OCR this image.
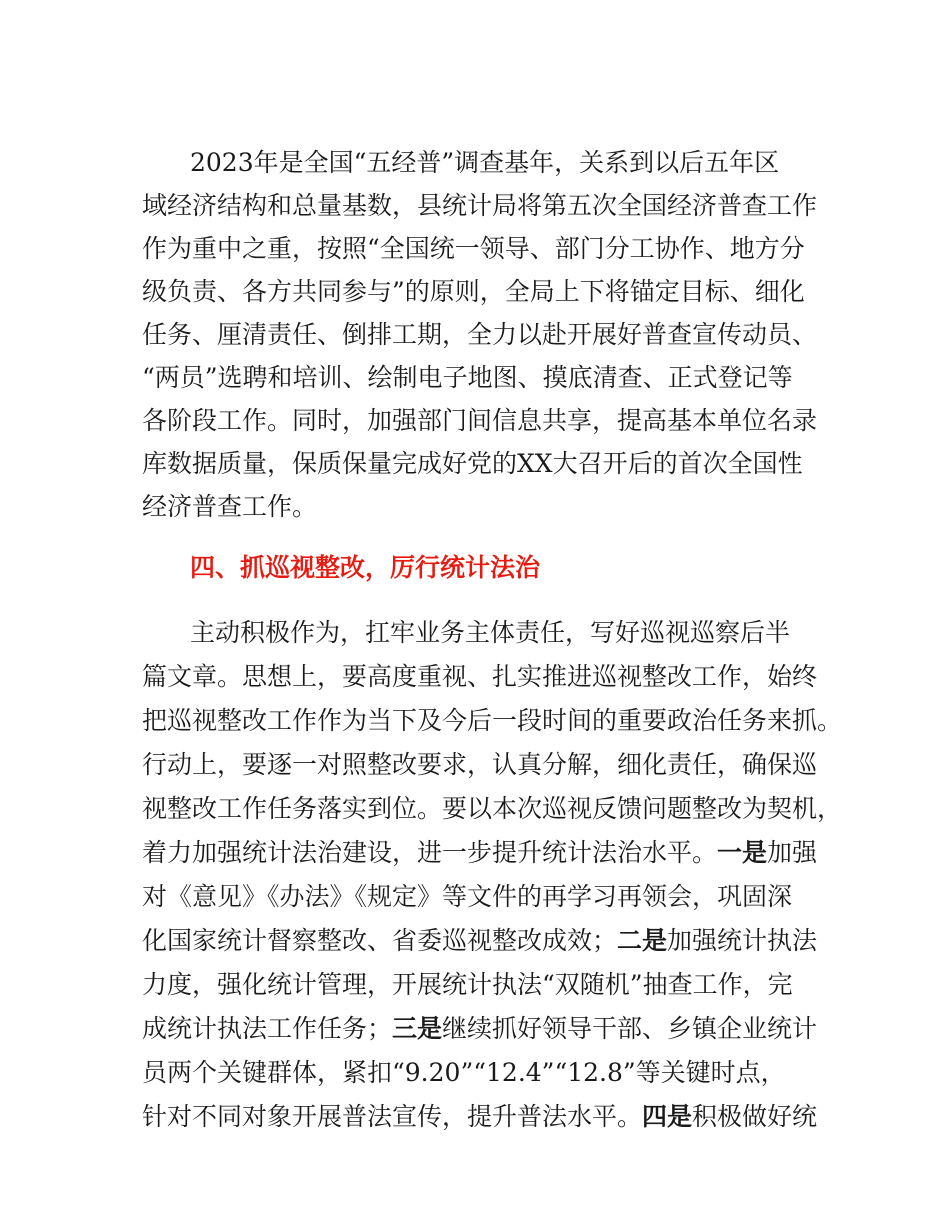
2023年是全国“五经普”调查基年，关系到以后五年区
域经济结构和总量基数，县统计局将第五次全国经济普查工作
作为重中之重，按照“全国统一领导、部门分工协作、地方分
级负责、各方共同参与”的原则，全局上下将锚定目标、细化
任务、厘清责任、倒排工期，全力以赴开展好普查宣传动员、
“两员”选聘和培训、绘制电子地图、摸底清查、正式登记等
各阶段工作。同时，加强部门间信息共享，提高基本单位名录
库数据质量，保质保量完成好党的XX大召开后的首次全国性
经济普查工作。
四、抓巡视整改，厉行统计法治
主动积极作为，扛牢业务主体责任，写好巡视巡察后半
篇文章。思想上，要高度重视、扎实推进巡视整改工作，始终
把巡视整改工作作为当下及今后一段时间的重要政治任务来抓。
行动上，要逐一对照整改要求，认真分解，细化责任，确保巡
视整改工作任务落实到位。要以本次巡视反馈问题整改为契机，
着力加强统计法治建设，进一步提升统计法治水平。一是加强
对《意见》《办法》《规定》等文件的再学习再领会，巩固深
化国家统计督察整改、省委巡视整改成效；二是加强统计执法
力度，强化统计管理，开展统计执法“双随机”抽查工作，完
成统计执法工作任务；三是继续抓好领导干部、乡镇企业统计
员两个关键群体，紧扣“9.20”“12.4”“12.8”等关键时点，
针对不同对象开展普法宣传，提升普法水平。四是积极做好统
